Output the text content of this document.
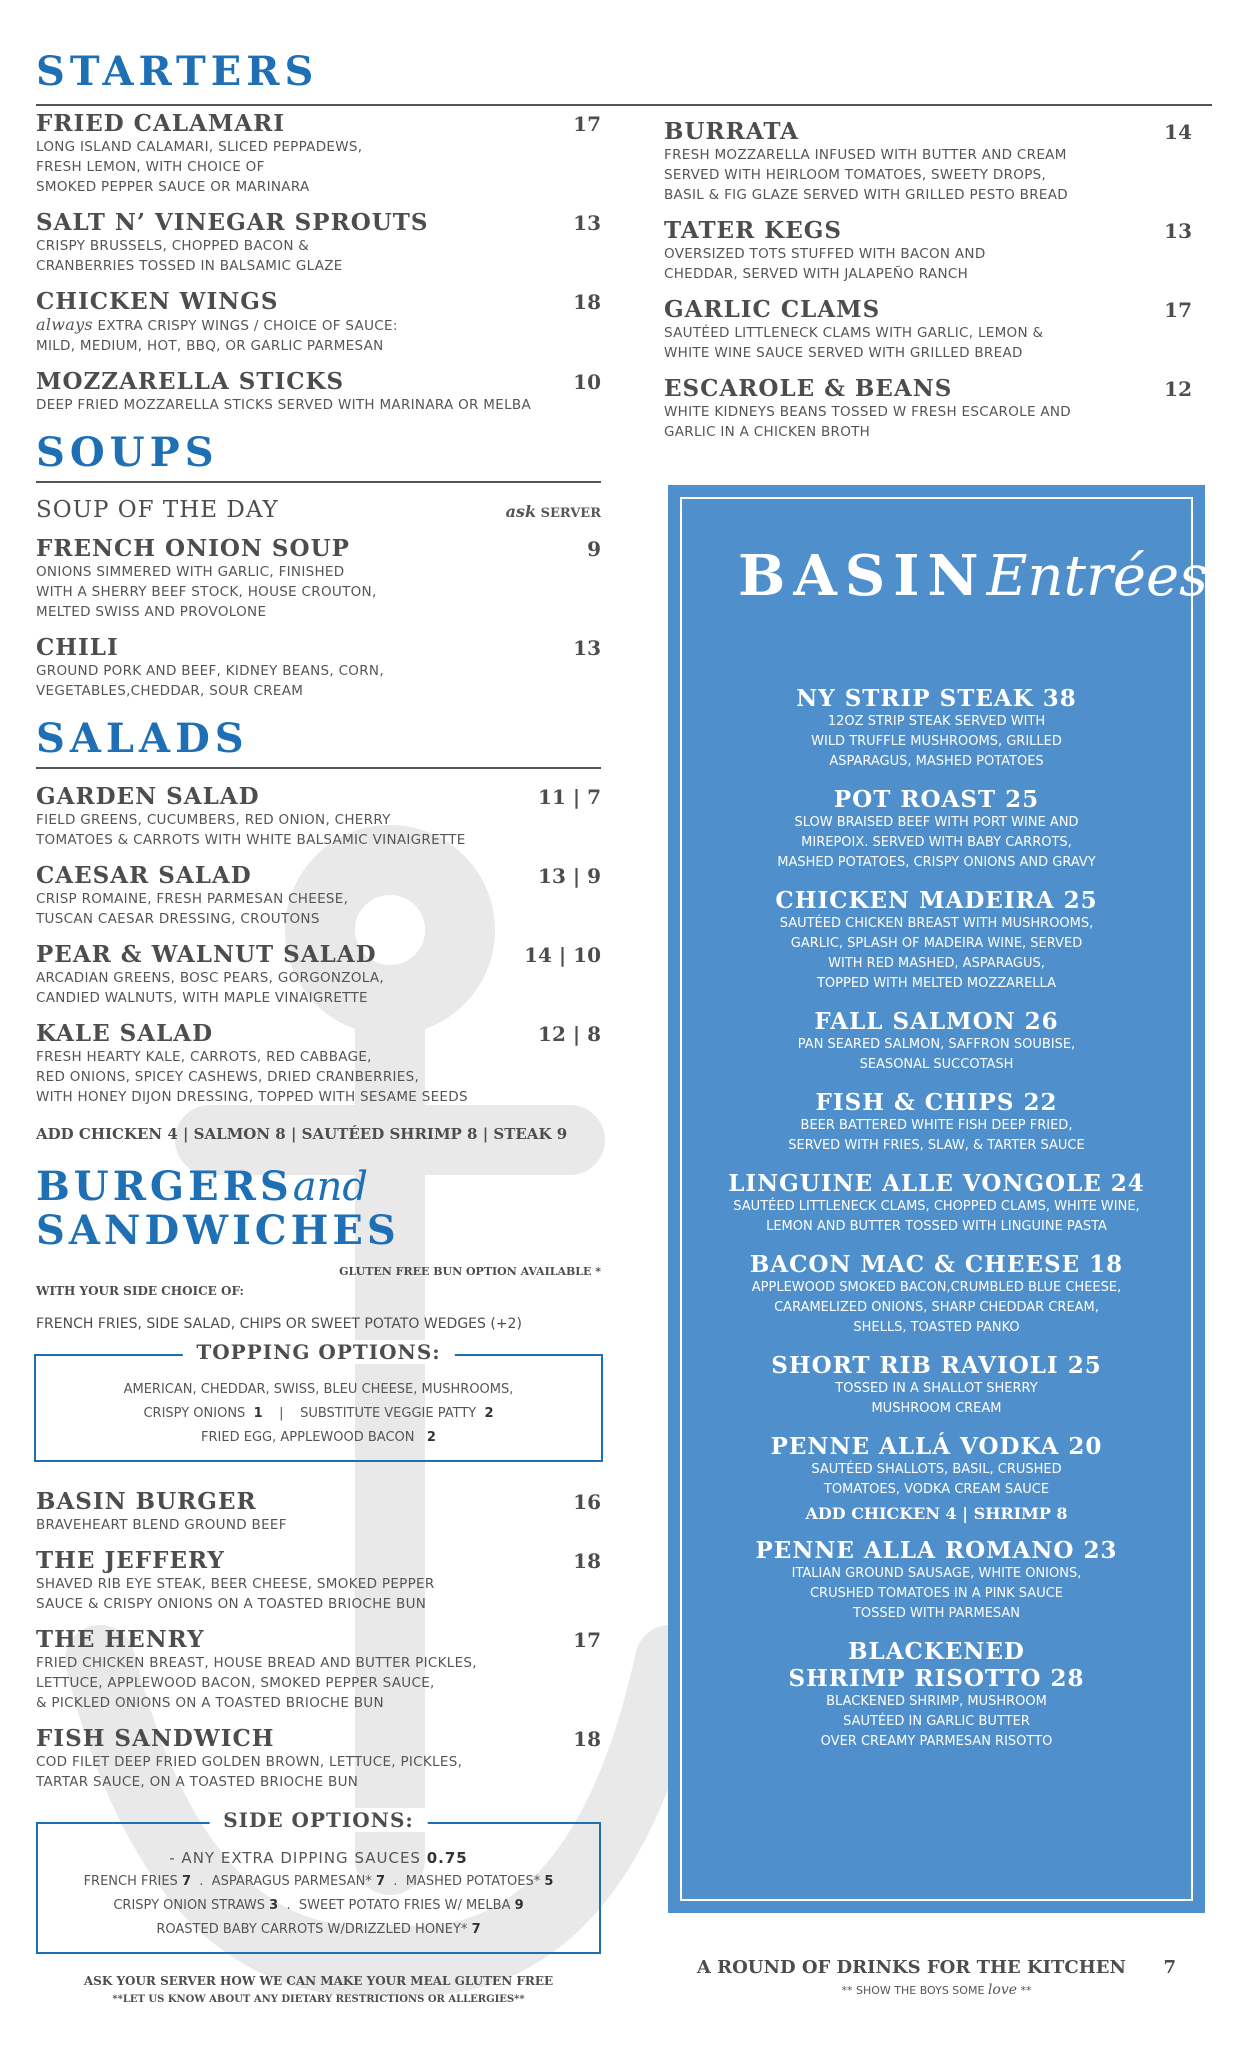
STARTERS
FRIED CALAMARI	17
LONG ISLAND CALAMARI, SLICED PEPPADEWS,
FRESH LEMON, WITH CHOICE OF
SMOKED PEPPER SAUCE OR MARINARA
SALT N’ VINEGAR SPROUTS	13
CRISPY BRUSSELS, CHOPPED BACON &
CRANBERRIES TOSSED IN BALSAMIC GLAZE
CHICKEN WINGS	18
always EXTRA CRISPY WINGS / CHOICE OF SAUCE:
MILD, MEDIUM, HOT, BBQ, OR GARLIC PARMESAN
MOZZARELLA STICKS	10
DEEP FRIED MOZZARELLA STICKS SERVED WITH MARINARA OR MELBA
SOUPS
SOUP OF THE DAY	ask SERVER
FRENCH ONION SOUP	9
ONIONS SIMMERED WITH GARLIC, FINISHED
WITH A SHERRY BEEF STOCK, HOUSE CROUTON,
MELTED SWISS AND PROVOLONE
CHILI	13
GROUND PORK AND BEEF, KIDNEY BEANS, CORN,
VEGETABLES,CHEDDAR, SOUR CREAM
SALADS
GARDEN SALAD	11 | 7
FIELD GREENS, CUCUMBERS, RED ONION, CHERRY
TOMATOES & CARROTS WITH WHITE BALSAMIC VINAIGRETTE
CAESAR SALAD	13 | 9
CRISP ROMAINE, FRESH PARMESAN CHEESE,
TUSCAN CAESAR DRESSING, CROUTONS
PEAR & WALNUT SALAD	14 | 10
ARCADIAN GREENS, BOSC PEARS, GORGONZOLA,
CANDIED WALNUTS, WITH MAPLE VINAIGRETTE
KALE SALAD	12 | 8
FRESH HEARTY KALE, CARROTS, RED CABBAGE,
RED ONIONS, SPICEY CASHEWS, DRIED CRANBERRIES,
WITH HONEY DIJON DRESSING, TOPPED WITH SESAME SEEDS
ADD CHICKEN 4 | SALMON 8 | SAUTÉED SHRIMP 8 | STEAK 9
BURGERSand
SANDWICHES
GLUTEN FREE BUN OPTION AVAILABLE *
WITH YOUR SIDE CHOICE OF:
FRENCH FRIES, SIDE SALAD, CHIPS OR SWEET POTATO WEDGES (+2)
TOPPING OPTIONS:
AMERICAN, CHEDDAR, SWISS, BLEU CHEESE, MUSHROOMS,
CRISPY ONIONS 1    |    SUBSTITUTE VEGGIE PATTY 2
FRIED EGG, APPLEWOOD BACON 2
BASIN BURGER	16
BRAVEHEART BLEND GROUND BEEF
THE JEFFERY	18
SHAVED RIB EYE STEAK, BEER CHEESE, SMOKED PEPPER
SAUCE & CRISPY ONIONS ON A TOASTED BRIOCHE BUN
THE HENRY	17
FRIED CHICKEN BREAST, HOUSE BREAD AND BUTTER PICKLES,
LETTUCE, APPLEWOOD BACON, SMOKED PEPPER SAUCE,
& PICKLED ONIONS ON A TOASTED BRIOCHE BUN
FISH SANDWICH	18
COD FILET DEEP FRIED GOLDEN BROWN, LETTUCE, PICKLES,
TARTAR SAUCE, ON A TOASTED BRIOCHE BUN
SIDE OPTIONS:
- ANY EXTRA DIPPING SAUCES 0.75
FRENCH FRIES 7  .  ASPARAGUS PARMESAN* 7  .  MASHED POTATOES* 5
CRISPY ONION STRAWS 3  .  SWEET POTATO FRIES W/ MELBA 9
ROASTED BABY CARROTS W/DRIZZLED HONEY* 7
ASK YOUR SERVER HOW WE CAN MAKE YOUR MEAL GLUTEN FREE
**LET US KNOW ABOUT ANY DIETARY RESTRICTIONS OR ALLERGIES**
BURRATA	14
FRESH MOZZARELLA INFUSED WITH BUTTER AND CREAM
SERVED WITH HEIRLOOM TOMATOES, SWEETY DROPS,
BASIL & FIG GLAZE SERVED WITH GRILLED PESTO BREAD
TATER KEGS	13
OVERSIZED TOTS STUFFED WITH BACON AND
CHEDDAR, SERVED WITH JALAPEÑO RANCH
GARLIC CLAMS	17
SAUTÉED LITTLENECK CLAMS WITH GARLIC, LEMON &
WHITE WINE SAUCE SERVED WITH GRILLED BREAD
ESCAROLE & BEANS	12
WHITE KIDNEYS BEANS TOSSED W FRESH ESCAROLE AND
GARLIC IN A CHICKEN BROTH
BASINEntrées
NY STRIP STEAK 38
12OZ STRIP STEAK SERVED WITH
WILD TRUFFLE MUSHROOMS, GRILLED
ASPARAGUS, MASHED POTATOES
POT ROAST 25
SLOW BRAISED BEEF WITH PORT WINE AND
MIREPOIX. SERVED WITH BABY CARROTS,
MASHED POTATOES, CRISPY ONIONS AND GRAVY
CHICKEN MADEIRA 25
SAUTÉED CHICKEN BREAST WITH MUSHROOMS,
GARLIC, SPLASH OF MADEIRA WINE, SERVED
WITH RED MASHED, ASPARAGUS,
TOPPED WITH MELTED MOZZARELLA
FALL SALMON 26
PAN SEARED SALMON, SAFFRON SOUBISE,
SEASONAL SUCCOTASH
FISH & CHIPS 22
BEER BATTERED WHITE FISH DEEP FRIED,
SERVED WITH FRIES, SLAW, & TARTER SAUCE
LINGUINE ALLE VONGOLE 24
SAUTÉED LITTLENECK CLAMS, CHOPPED CLAMS, WHITE WINE,
LEMON AND BUTTER TOSSED WITH LINGUINE PASTA
BACON MAC & CHEESE 18
APPLEWOOD SMOKED BACON,CRUMBLED BLUE CHEESE,
CARAMELIZED ONIONS, SHARP CHEDDAR CREAM,
SHELLS, TOASTED PANKO
SHORT RIB RAVIOLI 25
TOSSED IN A SHALLOT SHERRY
MUSHROOM CREAM
PENNE ALLÁ VODKA 20
SAUTÉED SHALLOTS, BASIL, CRUSHED
TOMATOES, VODKA CREAM SAUCE
ADD CHICKEN 4 | SHRIMP 8
PENNE ALLA ROMANO 23
ITALIAN GROUND SAUSAGE, WHITE ONIONS,
CRUSHED TOMATOES IN A PINK SAUCE
TOSSED WITH PARMESAN
BLACKENED
SHRIMP RISOTTO 28
BLACKENED SHRIMP, MUSHROOM
SAUTÉED IN GARLIC BUTTER
OVER CREAMY PARMESAN RISOTTO
A ROUND OF DRINKS FOR THE KITCHEN 7
** SHOW THE BOYS SOME love **
